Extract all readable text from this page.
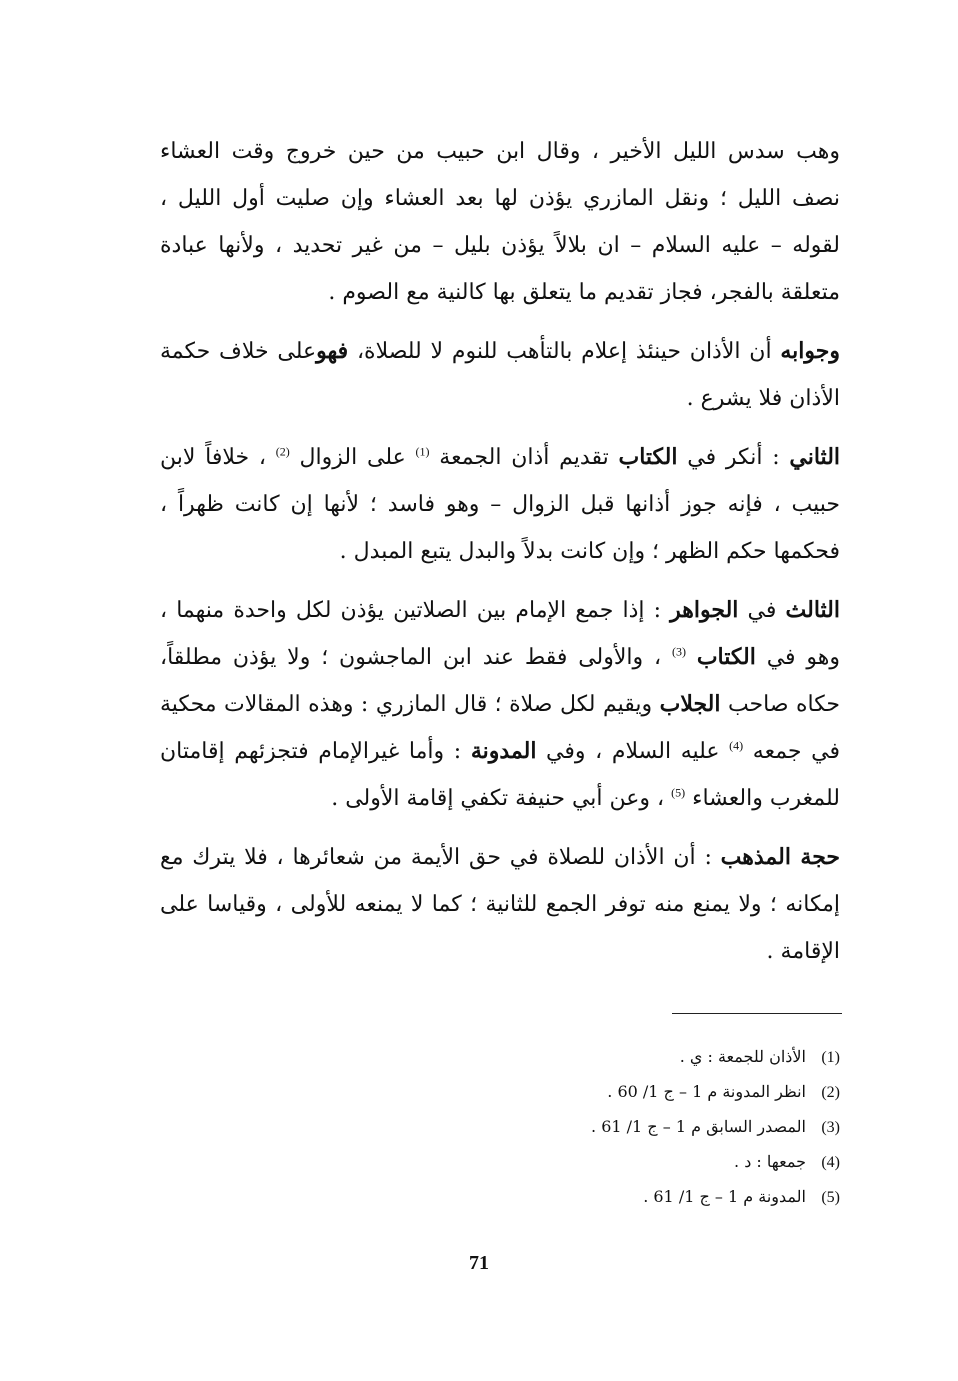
وهب سدس الليل الأخير ، وقال ابن حبيب من حين خروج وقت العشاء نصف الليل ؛ ونقل المازري يؤذن لها بعد العشاء وإن صليت أول الليل ، لقوله – عليه السلام – ان بلالاً يؤذن بليل – من غير تحديد ، ولأنها عبادة متعلقة بالفجر، فجاز تقديم ما يتعلق بها كالنية مع الصوم .

وجوابه أن الأذان حينئذ إعلام بالتأهب للنوم لا للصلاة، فهوعلى خلاف حكمة الأذان فلا يشرع .

الثاني : أنكر في الكتاب تقديم أذان الجمعة $^{(1)}$ على الزوال $^{(2)}$ ، خلافاً لابن حبيب ، فإنه جوز أذانها قبل الزوال – وهو فاسد ؛ لأنها إن كانت ظهراً ، فحكمها حكم الظهر ؛ وإن كانت بدلاً والبدل يتبع المبدل .

الثالث في الجواهر : إذا جمع الإمام بين الصلاتين يؤذن لكل واحدة منهما ، وهو في الكتاب $^{(3)}$ ، والأولى فقط عند ابن الماجشون ؛ ولا يؤذن مطلقاً، حكاه صاحب الجلاب ويقيم لكل صلاة ؛ قال المازري : وهذه المقالات محكية في جمعه $^{(4)}$ عليه السلام ، وفي المدونة : وأما غيرالإمام فتجزئهم إقامتان للمغرب والعشاء $^{(5)}$ ، وعن أبي حنيفة تكفي إقامة الأولى .

حجة المذهب : أن الأذان للصلاة في حق الأيمة من شعائرها ، فلا يترك مع إمكانه ؛ ولا يمنع منه توفر الجمع للثانية ؛ كما لا يمنعه للأولى ، وقياسا على الإقامة .

(1)الأذان للجمعة : ي .
(2)انظر المدونة م 1 – ج 1/ 60 .
(3)المصدر السابق م 1 – ج 1/ 61 .
(4)جمعها : د .
(5)المدونة م 1 – ج 1/ 61 .
71
